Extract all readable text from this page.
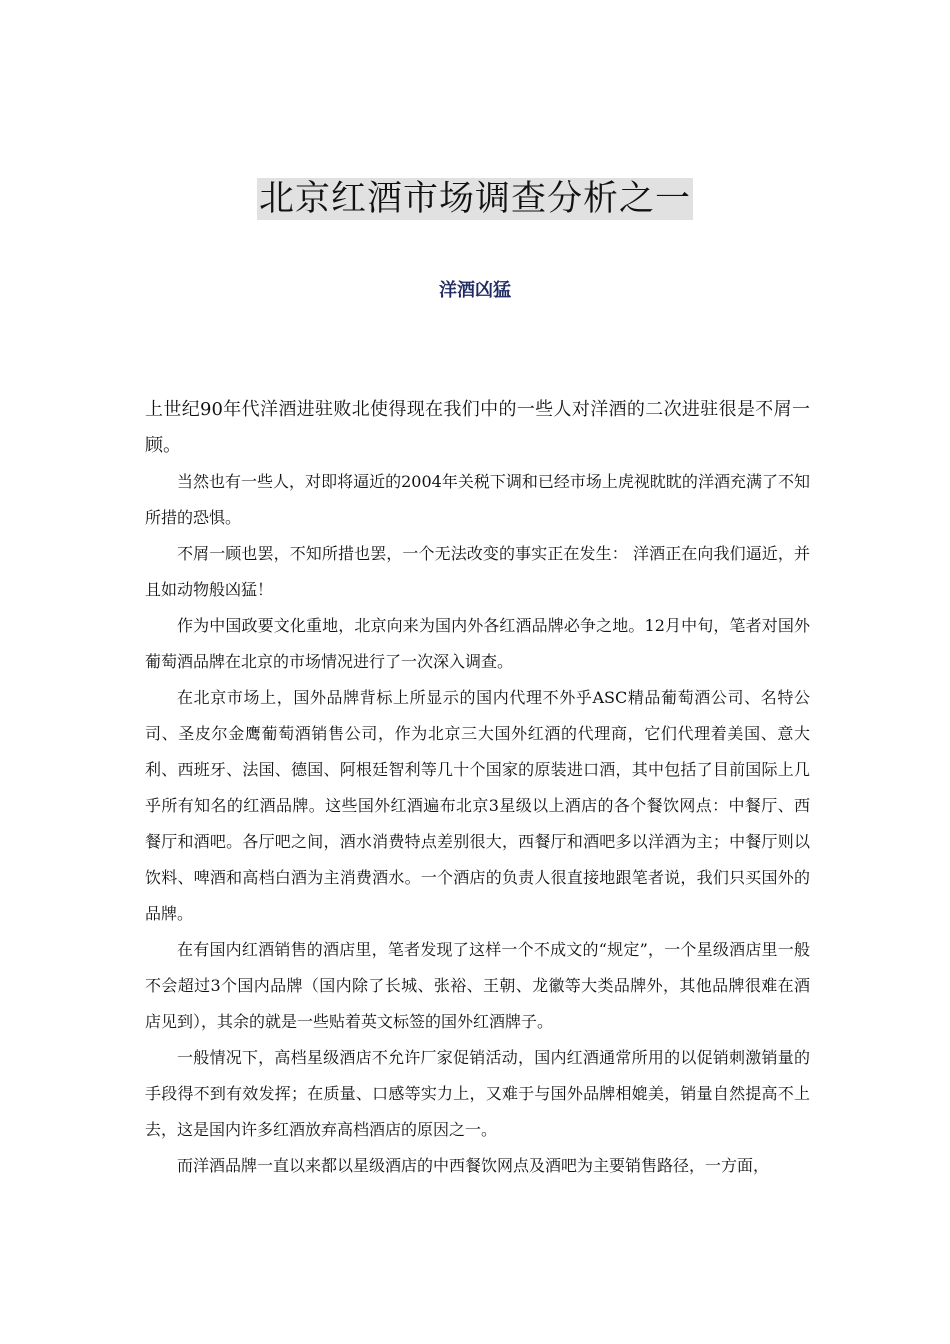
北京红酒市场调查分析之一
洋酒凶猛

上世纪90年代洋酒进驻败北使得现在我们中的一些人对洋酒的二次进驻很是不屑一顾。

当然也有一些人，对即将逼近的2004年关税下调和已经市场上虎视眈眈的洋酒充满了不知所措的恐惧。

不屑一顾也罢，不知所措也罢，一个无法改变的事实正在发生： 洋酒正在向我们逼近，并且如动物般凶猛！

作为中国政要文化重地，北京向来为国内外各红酒品牌必争之地。12月中旬，笔者对国外葡萄酒品牌在北京的市场情况进行了一次深入调查。

在北京市场上，国外品牌背标上所显示的国内代理不外乎ASC精品葡萄酒公司、名特公司、圣皮尔金鹰葡萄酒销售公司，作为北京三大国外红酒的代理商，它们代理着美国、意大利、西班牙、法国、德国、阿根廷智利等几十个国家的原装进口酒，其中包括了目前国际上几乎所有知名的红酒品牌。这些国外红酒遍布北京3星级以上酒店的各个餐饮网点：中餐厅、西餐厅和酒吧。各厅吧之间，酒水消费特点差别很大，西餐厅和酒吧多以洋酒为主；中餐厅则以饮料、啤酒和高档白酒为主消费酒水。一个酒店的负责人很直接地跟笔者说，我们只买国外的品牌。

在有国内红酒销售的酒店里，笔者发现了这样一个不成文的“规定”，一个星级酒店里一般不会超过3个国内品牌（国内除了长城、张裕、王朝、龙徽等大类品牌外，其他品牌很难在酒店见到），其余的就是一些贴着英文标签的国外红酒牌子。

一般情况下，高档星级酒店不允许厂家促销活动，国内红酒通常所用的以促销刺激销量的手段得不到有效发挥；在质量、口感等实力上，又难于与国外品牌相媲美，销量自然提高不上去，这是国内许多红酒放弃高档酒店的原因之一。

而洋酒品牌一直以来都以星级酒店的中西餐饮网点及酒吧为主要销售路径，一方面，
